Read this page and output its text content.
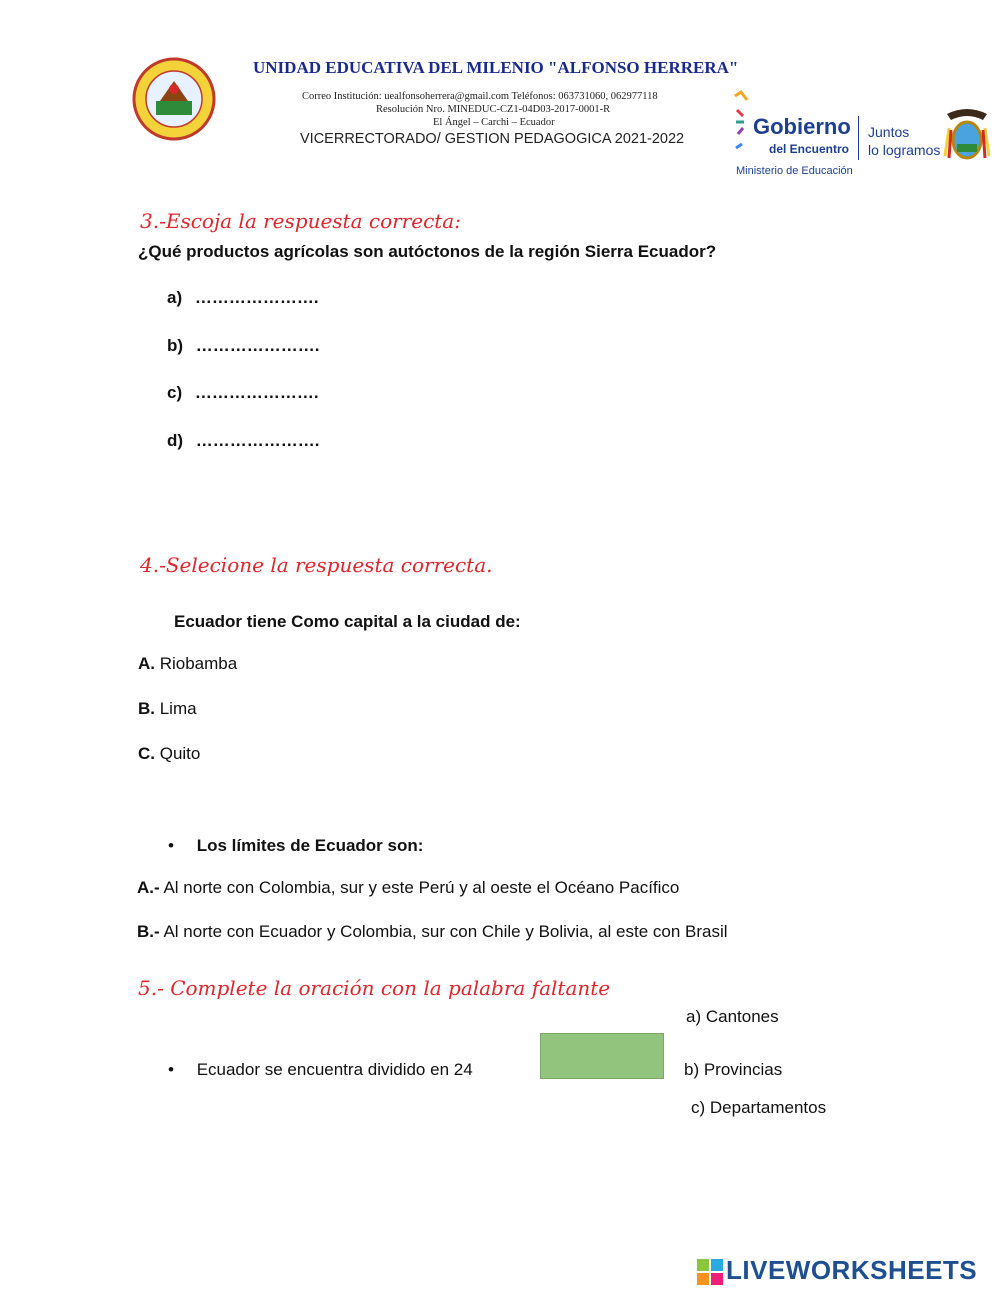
UNIDAD EDUCATIVA DEL MILENIO "ALFONSO HERRERA"
Correo Institución: uealfonsoherrera@gmail.com Teléfonos: 063731060, 062977118
Resolución Nro. MINEDUC-CZ1-04D03-2017-0001-R
El Ángel – Carchi – Ecuador
VICERRECTORADO/ GESTION PEDAGOGICA 2021-2022	Gobierno
del Encuentro
Ministerio de Educación
Juntos
lo logramos
3.-Escoja la respuesta correcta:
¿Qué productos agrícolas son autóctonos de la región Sierra Ecuador?
a) ………………….
b) ………………….
c) ………………….
d) ………………….
4.-Selecione la respuesta correcta.
Ecuador tiene Como capital a la ciudad de:
A. Riobamba
B. Lima
C. Quito
• Los límites de Ecuador son:
A.- Al norte con Colombia, sur y este Perú y al oeste el Océano Pacífico
B.- Al norte con Ecuador y Colombia, sur con Chile y Bolivia, al este con Brasil
5.- Complete la oración con la palabra faltante
a) Cantones
• Ecuador se encuentra dividido en 24	b) Provincias
c) Departamentos
LIVEWORKSHEETS
